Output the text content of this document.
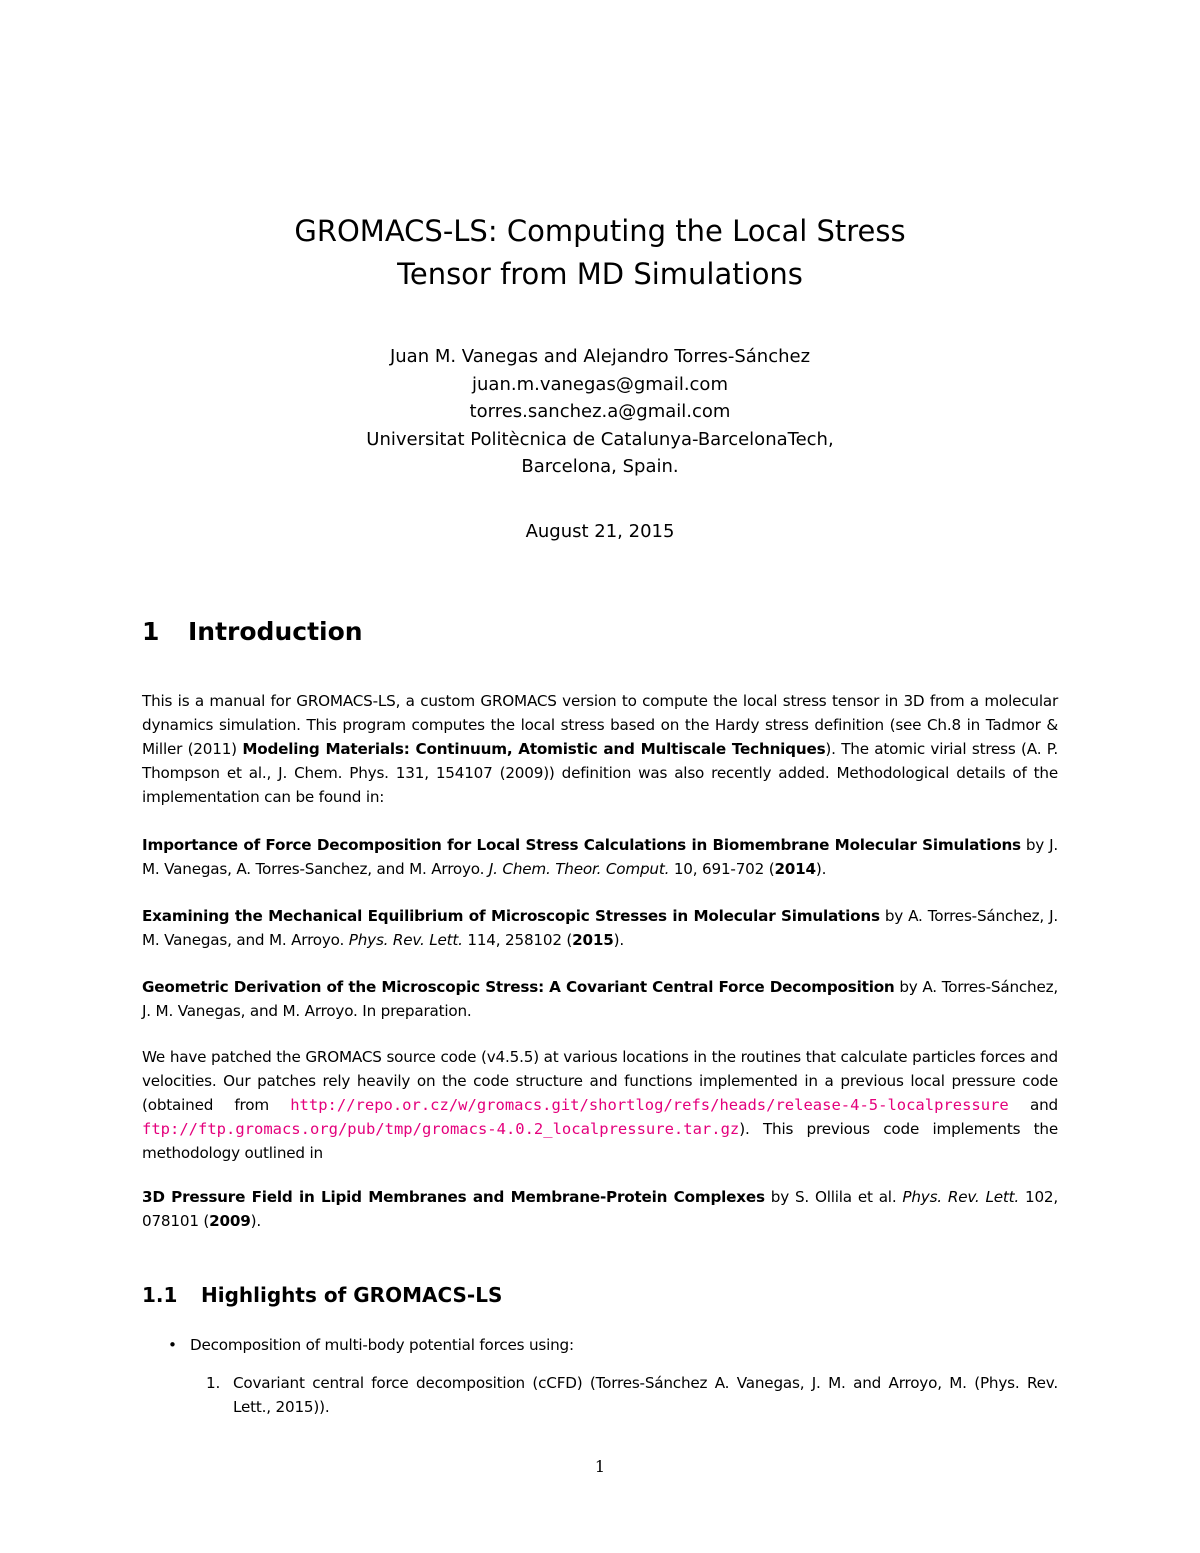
GROMACS-LS: Computing the Local Stress
Tensor from MD Simulations
Juan M. Vanegas and Alejandro Torres-Sánchez
juan.m.vanegas@gmail.com
torres.sanchez.a@gmail.com
Universitat Politècnica de Catalunya-BarcelonaTech,
Barcelona, Spain.
August 21, 2015
1 Introduction
This is a manual for GROMACS-LS, a custom GROMACS version to compute the local stress tensor in 3D from a molecular dynamics simulation. This program computes the local stress based on the Hardy stress definition (see Ch.8 in Tadmor & Miller (2011) Modeling Materials: Continuum, Atomistic and Multiscale Techniques). The atomic virial stress (A. P. Thompson et al., J. Chem. Phys. 131, 154107 (2009)) definition was also recently added. Methodological details of the implementation can be found in:
Importance of Force Decomposition for Local Stress Calculations in Biomembrane Molecular Simulations by J. M. Vanegas, A. Torres-Sanchez, and M. Arroyo. J. Chem. Theor. Comput. 10, 691-702 (2014).
Examining the Mechanical Equilibrium of Microscopic Stresses in Molecular Simulations by A. Torres-Sánchez, J. M. Vanegas, and M. Arroyo. Phys. Rev. Lett. 114, 258102 (2015).
Geometric Derivation of the Microscopic Stress: A Covariant Central Force Decomposition by A. Torres-Sánchez, J. M. Vanegas, and M. Arroyo. In preparation.
We have patched the GROMACS source code (v4.5.5) at various locations in the routines that calculate particles forces and velocities. Our patches rely heavily on the code structure and functions implemented in a previous local pressure code (obtained from http://repo.or.cz/w/gromacs.git/shortlog/refs/heads/release-4-5-localpressure and ftp://ftp.gromacs.org/pub/tmp/gromacs-4.0.2_localpressure.tar.gz). This previous code implements the methodology outlined in
3D Pressure Field in Lipid Membranes and Membrane-Protein Complexes by S. Ollila et al. Phys. Rev. Lett. 102, 078101 (2009).
1.1 Highlights of GROMACS-LS
• Decomposition of multi-body potential forces using:
1. Covariant central force decomposition (cCFD) (Torres-Sánchez A. Vanegas, J. M. and Arroyo, M. (Phys. Rev. Lett., 2015)).
1
